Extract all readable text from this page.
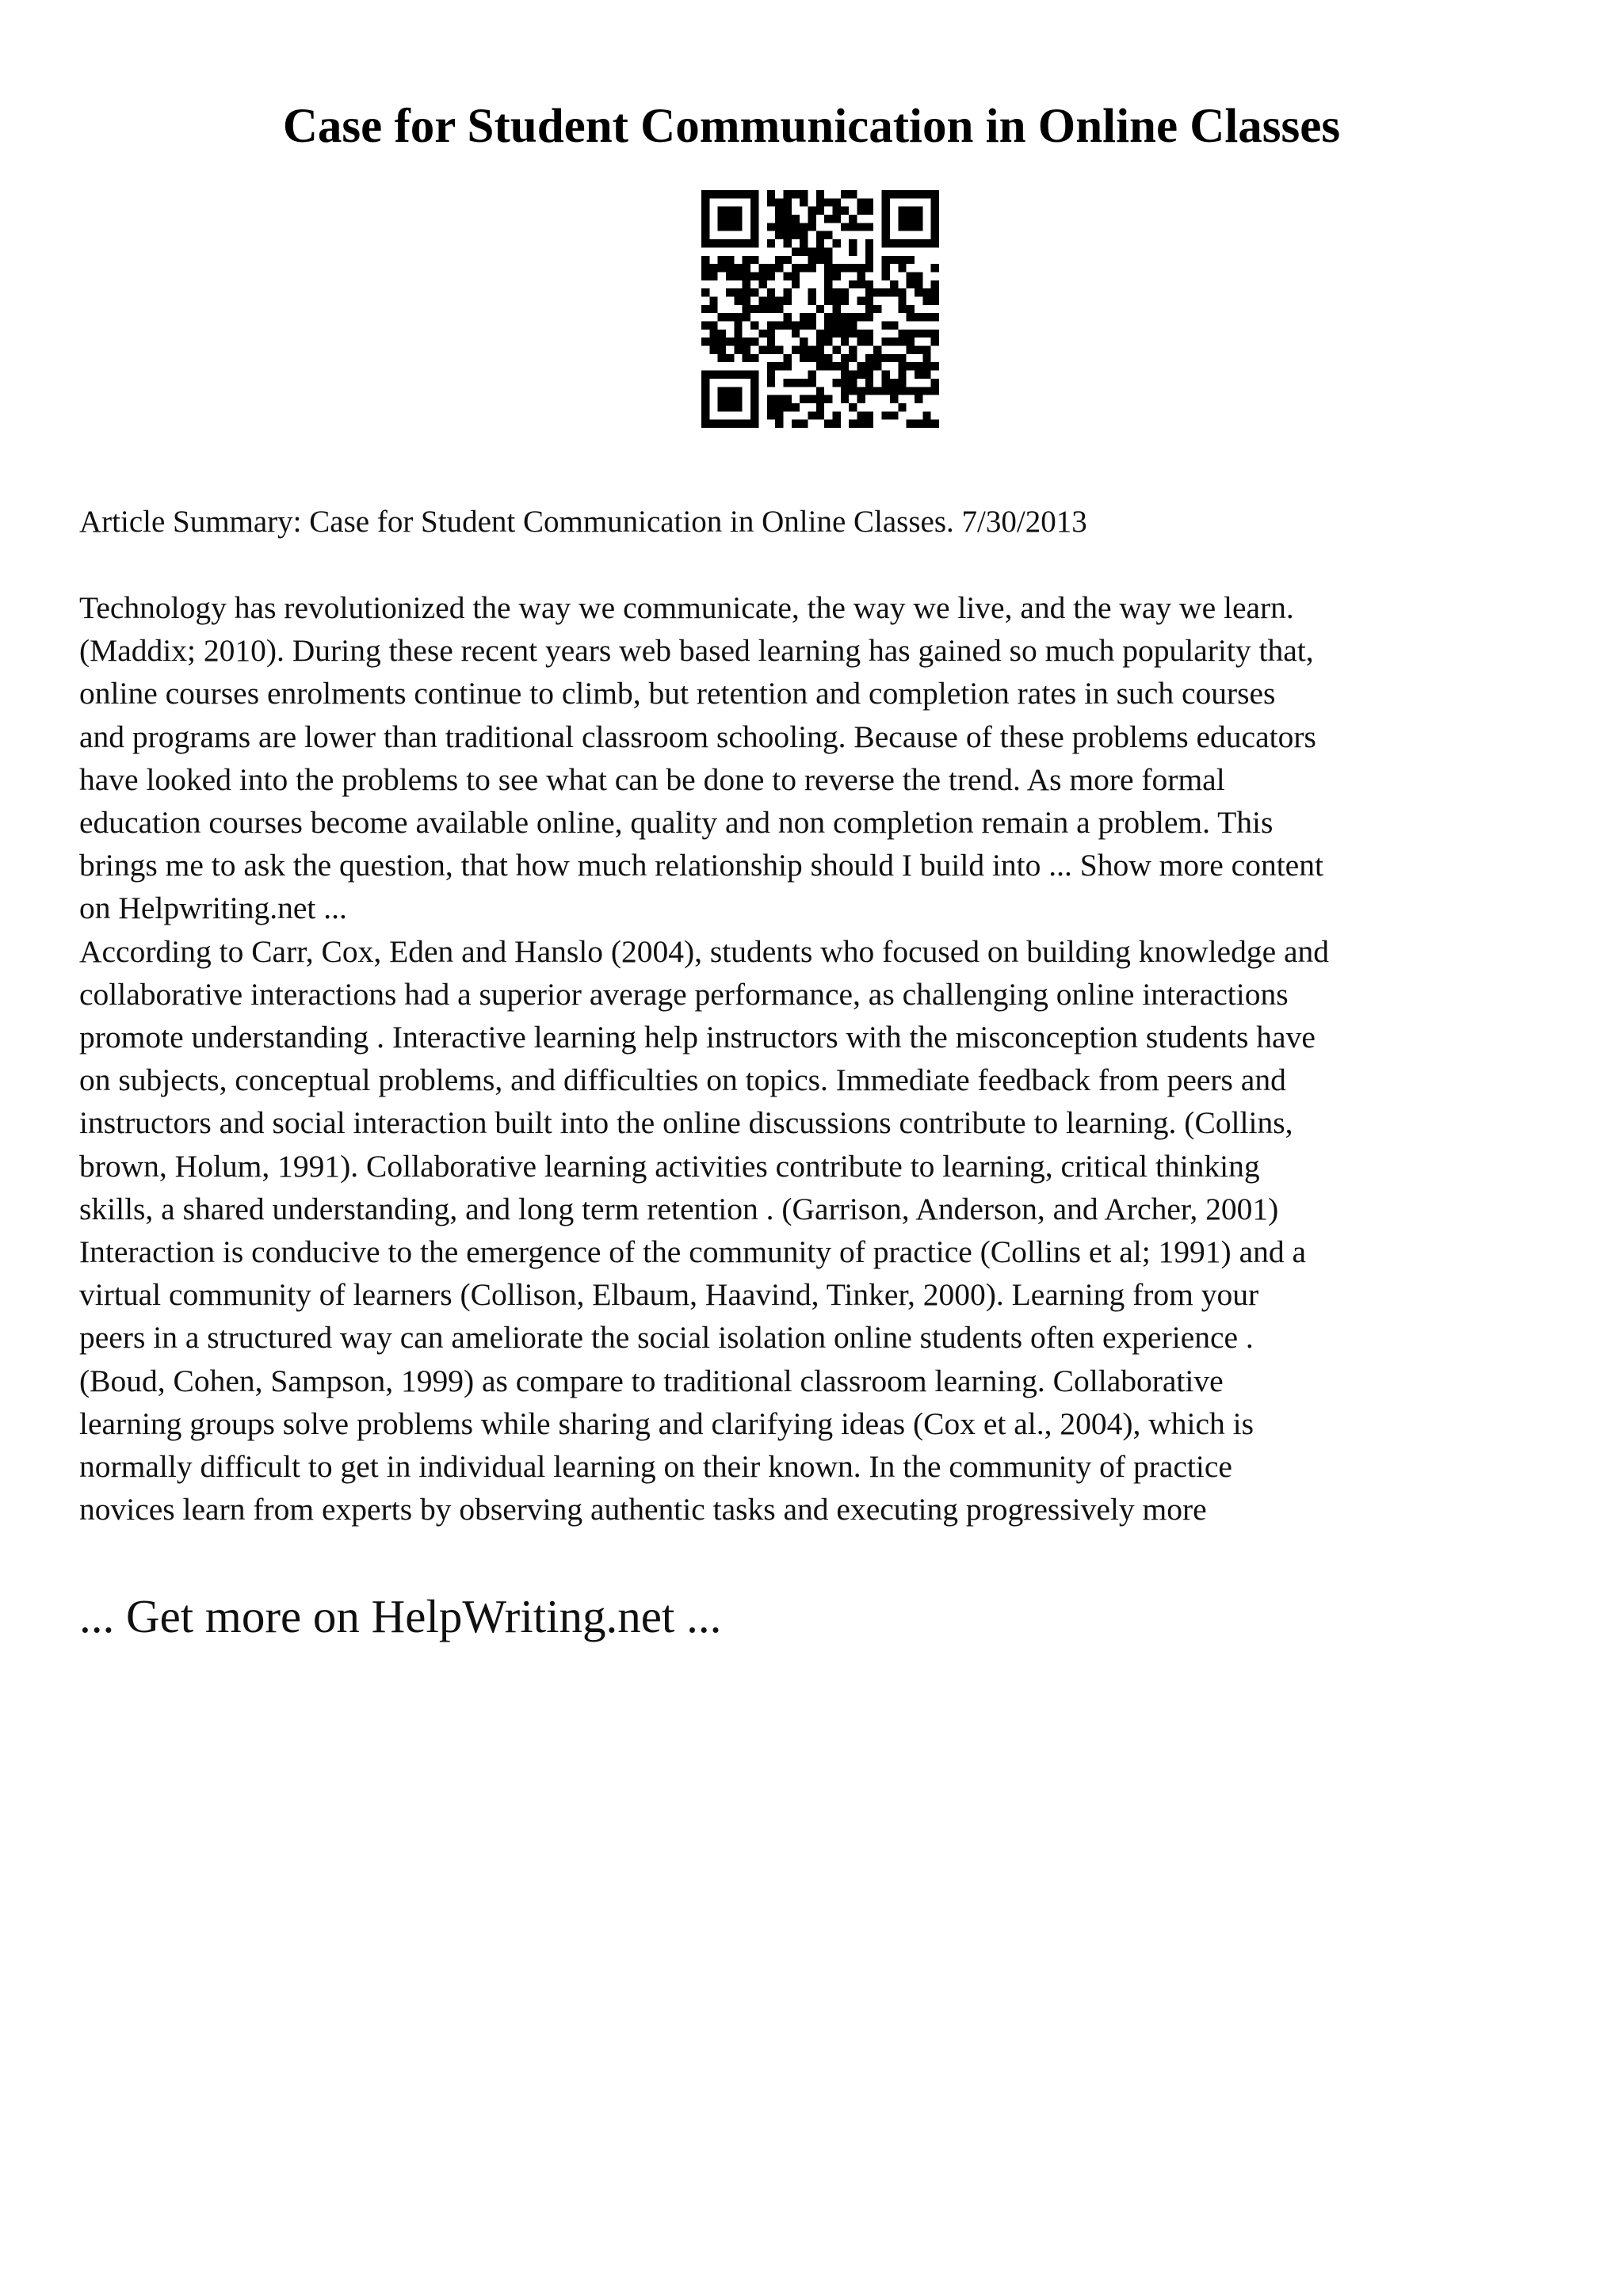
Case for Student Communication in Online Classes

Article Summary: Case for Student Communication in Online Classes. 7/30/2013

Technology has revolutionized the way we communicate, the way we live, and the way we learn.
(Maddix; 2010). During these recent years web based learning has gained so much popularity that,
online courses enrolments continue to climb, but retention and completion rates in such courses
and programs are lower than traditional classroom schooling. Because of these problems educators
have looked into the problems to see what can be done to reverse the trend. As more formal
education courses become available online, quality and non completion remain a problem. This
brings me to ask the question, that how much relationship should I build into ... Show more content
on Helpwriting.net ...
According to Carr, Cox, Eden and Hanslo (2004), students who focused on building knowledge and
collaborative interactions had a superior average performance, as challenging online interactions
promote understanding . Interactive learning help instructors with the misconception students have
on subjects, conceptual problems, and difficulties on topics. Immediate feedback from peers and
instructors and social interaction built into the online discussions contribute to learning. (Collins,
brown, Holum, 1991). Collaborative learning activities contribute to learning, critical thinking
skills, a shared understanding, and long term retention . (Garrison, Anderson, and Archer, 2001)
Interaction is conducive to the emergence of the community of practice (Collins et al; 1991) and a
virtual community of learners (Collison, Elbaum, Haavind, Tinker, 2000). Learning from your
peers in a structured way can ameliorate the social isolation online students often experience .
(Boud, Cohen, Sampson, 1999) as compare to traditional classroom learning. Collaborative
learning groups solve problems while sharing and clarifying ideas (Cox et al., 2004), which is
normally difficult to get in individual learning on their known. In the community of practice
novices learn from experts by observing authentic tasks and executing progressively more

... Get more on HelpWriting.net ...
